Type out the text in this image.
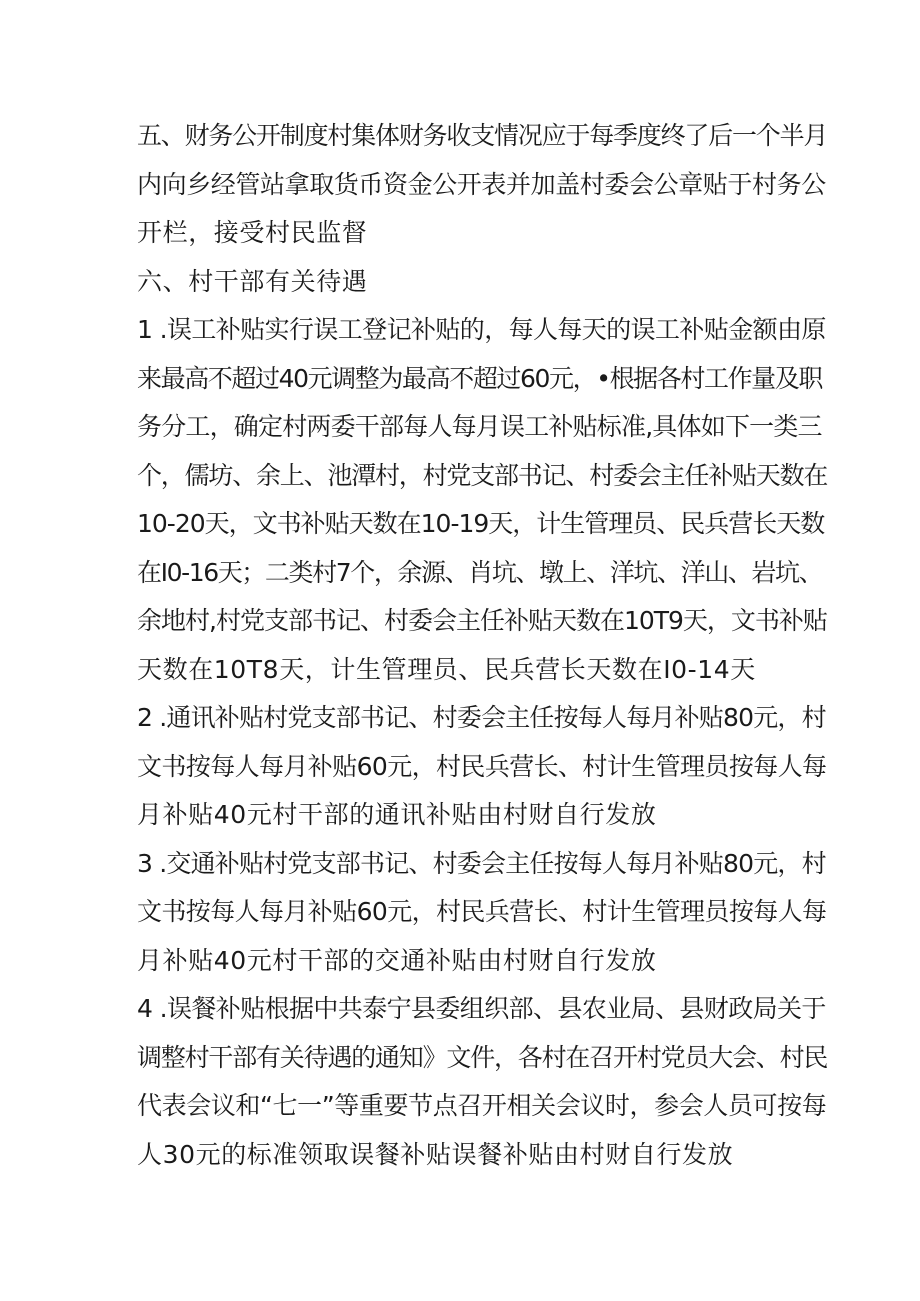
五、财务公开制度村集体财务收支情况应于每季度终了后一个半月
内向乡经管站拿取货币资金公开表并加盖村委会公章贴于村务公
开栏，接受村民监督
六、村干部有关待遇
1 .误工补贴实行误工登记补贴的，每人每天的误工补贴金额由原
来最高不超过40元调整为最高不超过60元，•根据各村工作量及职
务分工，确定村两委干部每人每月误工补贴标准,具体如下一类三
个，儒坊、余上、池潭村，村党支部书记、村委会主任补贴天数在
10-20天，文书补贴天数在10-19天，计生管理员、民兵营长天数
在I0-16天；二类村7个，余源、肖坑、墩上、洋坑、洋山、岩坑、
余地村,村党支部书记、村委会主任补贴天数在10T9天，文书补贴
天数在10T8天，计生管理员、民兵营长天数在I0-14天
2 .通讯补贴村党支部书记、村委会主任按每人每月补贴80元，村
文书按每人每月补贴60元，村民兵营长、村计生管理员按每人每
月补贴40元村干部的通讯补贴由村财自行发放
3 .交通补贴村党支部书记、村委会主任按每人每月补贴80元，村
文书按每人每月补贴60元，村民兵营长、村计生管理员按每人每
月补贴40元村干部的交通补贴由村财自行发放
4 .误餐补贴根据中共泰宁县委组织部、县农业局、县财政局关于
调整村干部有关待遇的通知》文件，各村在召开村党员大会、村民
代表会议和“七一”等重要节点召开相关会议时，参会人员可按每
人30元的标准领取误餐补贴误餐补贴由村财自行发放
